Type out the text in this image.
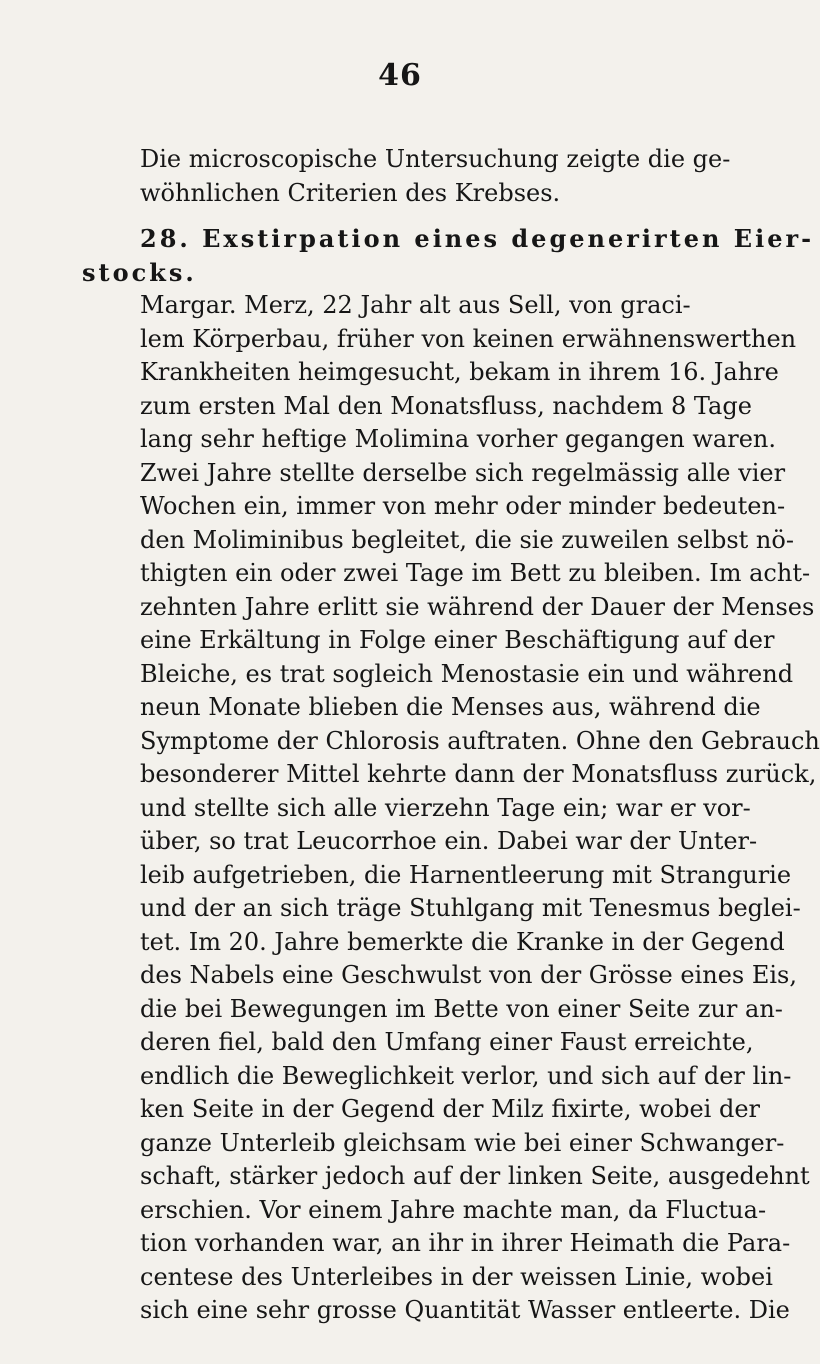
46
Die microscopische Untersuchung zeigte die ge-
wöhnlichen Criterien des Krebses.
28. Exstirpation eines degenerirten Eier-
stocks.
Margar. Merz, 22 Jahr alt aus Sell, von graci-
lem Körperbau, früher von keinen erwähnenswerthen
Krankheiten heimgesucht, bekam in ihrem 16. Jahre
zum ersten Mal den Monatsfluss, nachdem 8 Tage
lang sehr heftige Molimina vorher gegangen waren.
Zwei Jahre stellte derselbe sich regelmässig alle vier
Wochen ein, immer von mehr oder minder bedeuten-
den Moliminibus begleitet, die sie zuweilen selbst nö-
thigten ein oder zwei Tage im Bett zu bleiben. Im acht-
zehnten Jahre erlitt sie während der Dauer der Menses
eine Erkältung in Folge einer Beschäftigung auf der
Bleiche, es trat sogleich Menostasie ein und während
neun Monate blieben die Menses aus, während die
Symptome der Chlorosis auftraten. Ohne den Gebrauch
besonderer Mittel kehrte dann der Monatsfluss zurück,
und stellte sich alle vierzehn Tage ein; war er vor-
über, so trat Leucorrhoe ein. Dabei war der Unter-
leib aufgetrieben, die Harnentleerung mit Strangurie
und der an sich träge Stuhlgang mit Tenesmus beglei-
tet. Im 20. Jahre bemerkte die Kranke in der Gegend
des Nabels eine Geschwulst von der Grösse eines Eis,
die bei Bewegungen im Bette von einer Seite zur an-
deren fiel, bald den Umfang einer Faust erreichte,
endlich die Beweglichkeit verlor, und sich auf der lin-
ken Seite in der Gegend der Milz fixirte, wobei der
ganze Unterleib gleichsam wie bei einer Schwanger-
schaft, stärker jedoch auf der linken Seite, ausgedehnt
erschien. Vor einem Jahre machte man, da Fluctua-
tion vorhanden war, an ihr in ihrer Heimath die Para-
centese des Unterleibes in der weissen Linie, wobei
sich eine sehr grosse Quantität Wasser entleerte. Die
